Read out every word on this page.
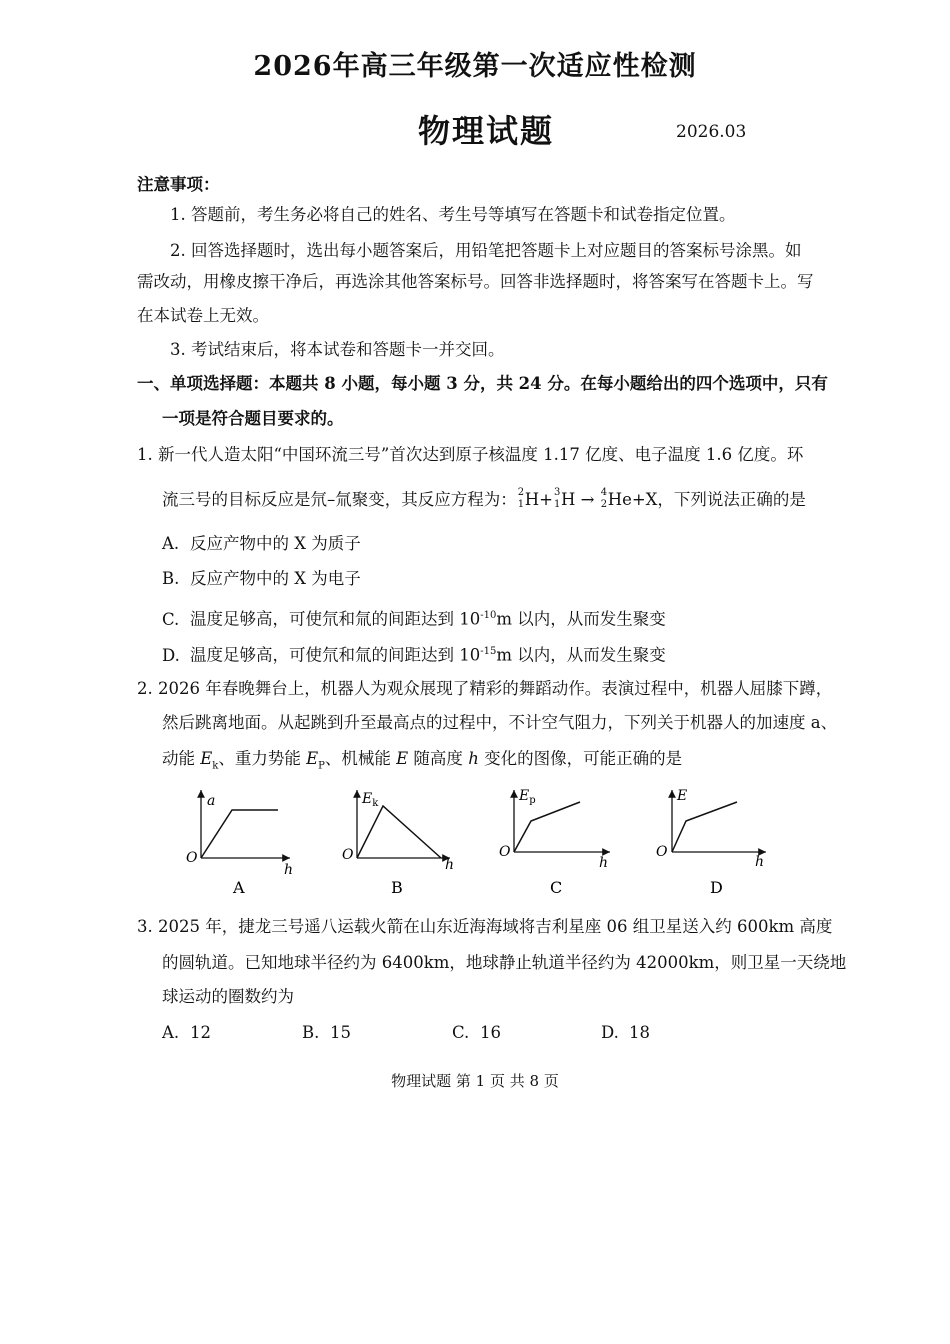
2026年高三年级第一次适应性检测
物理试题	2026.03
注意事项：
1. 答题前，考生务必将自己的姓名、考生号等填写在答题卡和试卷指定位置。
2. 回答选择题时，选出每小题答案后，用铅笔把答题卡上对应题目的答案标号涂黑。如
需改动，用橡皮擦干净后，再选涂其他答案标号。回答非选择题时，将答案写在答题卡上。写
在本试卷上无效。
3. 考试结束后，将本试卷和答题卡一并交回。
一、单项选择题：本题共 8 小题，每小题 3 分，共 24 分。在每小题给出的四个选项中，只有
一项是符合题目要求的。
1. 新一代人造太阳“中国环流三号”首次达到原子核温度 1.17 亿度、电子温度 1.6 亿度。环
流三号的目标反应是氘–氚聚变，其反应方程为： 2
1 H+ 3
1 H → 4
2 He+X，下列说法正确的是
A. 反应产物中的 X 为质子
B. 反应产物中的 X 为电子
C. 温度足够高，可使氘和氚的间距达到 $10^{-10}m$ 以内，从而发生聚变
D. 温度足够高，可使氘和氚的间距达到 $10^{-15}m$ 以内，从而发生聚变
2. 2026 年春晚舞台上，机器人为观众展现了精彩的舞蹈动作。表演过程中，机器人屈膝下蹲，
然后跳离地面。从起跳到升至最高点的过程中，不计空气阻力，下列关于机器人的加速度 a、
动能 $E_k$、重力势能 $E_P$、机械能 E 随高度 h 变化的图像，可能正确的是
a
O
h
A
$E_k$
O
h
B
$E_p$
O
h
C
E
O
h
D
3. 2025 年，捷龙三号遥八运载火箭在山东近海海域将吉利星座 06 组卫星送入约 600km 高度
的圆轨道。已知地球半径约为 6400km，地球静止轨道半径约为 42000km，则卫星一天绕地
球运动的圈数约为
A. 12	B. 15	C. 16	D. 18
物理试题 第 1 页 共 8 页
